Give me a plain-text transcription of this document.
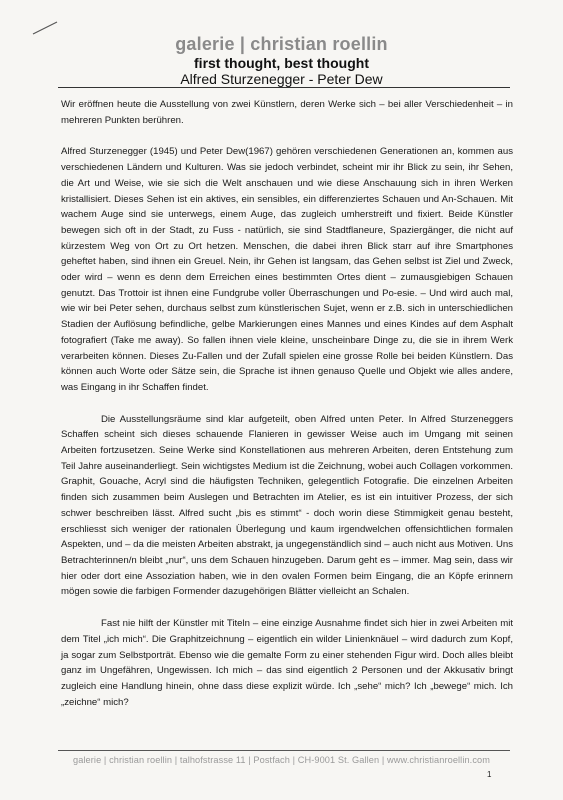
galerie | christian roellin
first thought, best thought
Alfred Sturzenegger - Peter Dew

Wir eröffnen heute die Ausstellung von zwei Künstlern, deren Werke sich – bei aller Verschiedenheit – in mehreren Punkten berühren.

Alfred Sturzenegger (1945) und Peter Dew(1967) gehören verschiedenen Generationen an, kommen aus verschiedenen Ländern und Kulturen. Was sie jedoch verbindet, scheint mir ihr Blick zu sein, ihr Sehen, die Art und Weise, wie sie sich die Welt anschauen und wie diese Anschauung sich in ihren Werken kristallisiert. Dieses Sehen ist ein aktives, ein sensibles, ein differenziertes Schauen und An-Schauen. Mit wachem Auge sind sie unterwegs, einem Auge, das zugleich umherstreift und fixiert. Beide Künstler bewegen sich oft in der Stadt, zu Fuss - natürlich, sie sind Stadtflaneure, Spaziergänger, die nicht auf kürzestem Weg von Ort zu Ort hetzen. Menschen, die dabei ihren Blick starr auf ihre Smartphones geheftet haben, sind ihnen ein Greuel. Nein, ihr Gehen ist langsam, das Gehen selbst ist Ziel und Zweck, oder wird – wenn es denn dem Erreichen eines bestimmten Ortes dient – zumausgiebigen Schauen genutzt. Das Trottoir ist ihnen eine Fundgrube voller Überraschungen und Po-esie. – Und wird auch mal, wie wir bei Peter sehen, durchaus selbst zum künstlerischen Sujet, wenn er z.B. sich in unterschiedlichen Stadien der Auflösung befindliche, gelbe Markierungen eines Mannes und eines Kindes auf dem Asphalt fotografiert (Take me away). So fallen ihnen viele kleine, unscheinbare Dinge zu, die sie in ihrem Werk verarbeiten können. Dieses Zu-Fallen und der Zufall spielen eine grosse Rolle bei beiden Künstlern. Das können auch Worte oder Sätze sein, die Sprache ist ihnen genauso Quelle und Objekt wie alles andere, was Eingang in ihr Schaffen findet.

Die Ausstellungsräume sind klar aufgeteilt, oben Alfred unten Peter. In Alfred Sturzeneggers Schaffen scheint sich dieses schauende Flanieren in gewisser Weise auch im Umgang mit seinen Arbeiten fortzusetzen. Seine Werke sind Konstellationen aus mehreren Arbeiten, deren Entstehung zum Teil Jahre auseinanderliegt. Sein wichtigstes Medium ist die Zeichnung, wobei auch Collagen vorkommen. Graphit, Gouache, Acryl sind die häufigsten Techniken, gelegentlich Fotografie. Die einzelnen Arbeiten finden sich zusammen beim Auslegen und Betrachten im Atelier, es ist ein intuitiver Prozess, der sich schwer beschreiben lässt. Alfred sucht „bis es stimmt“ - doch worin diese Stimmigkeit genau besteht, erschliesst sich weniger der rationalen Überlegung und kaum irgendwelchen offensichtlichen formalen Aspekten, und – da die meisten Arbeiten abstrakt, ja ungegenständlich sind – auch nicht aus Motiven. Uns Betrachterinnen/n bleibt „nur“, uns dem Schauen hinzugeben. Darum geht es – immer. Mag sein, dass wir hier oder dort eine Assoziation haben, wie in den ovalen Formen beim Eingang, die an Köpfe erinnern mögen sowie die farbigen Formender dazugehörigen Blätter vielleicht an Schalen.

Fast nie hilft der Künstler mit Titeln – eine einzige Ausnahme findet sich hier in zwei Arbeiten mit dem Titel „ich mich“. Die Graphitzeichnung – eigentlich ein wilder Linienknäuel – wird dadurch zum Kopf, ja sogar zum Selbstporträt. Ebenso wie die gemalte Form zu einer stehenden Figur wird. Doch alles bleibt ganz im Ungefähren, Ungewissen. Ich mich – das sind eigentlich 2 Personen und der Akkusativ bringt zugleich eine Handlung hinein, ohne dass diese explizit würde. Ich „sehe“ mich? Ich „bewege“ mich. Ich „zeichne“ mich?

galerie | christian roellin | talhofstrasse 11 | Postfach | CH-9001 St. Gallen | www.christianroellin.com
1
